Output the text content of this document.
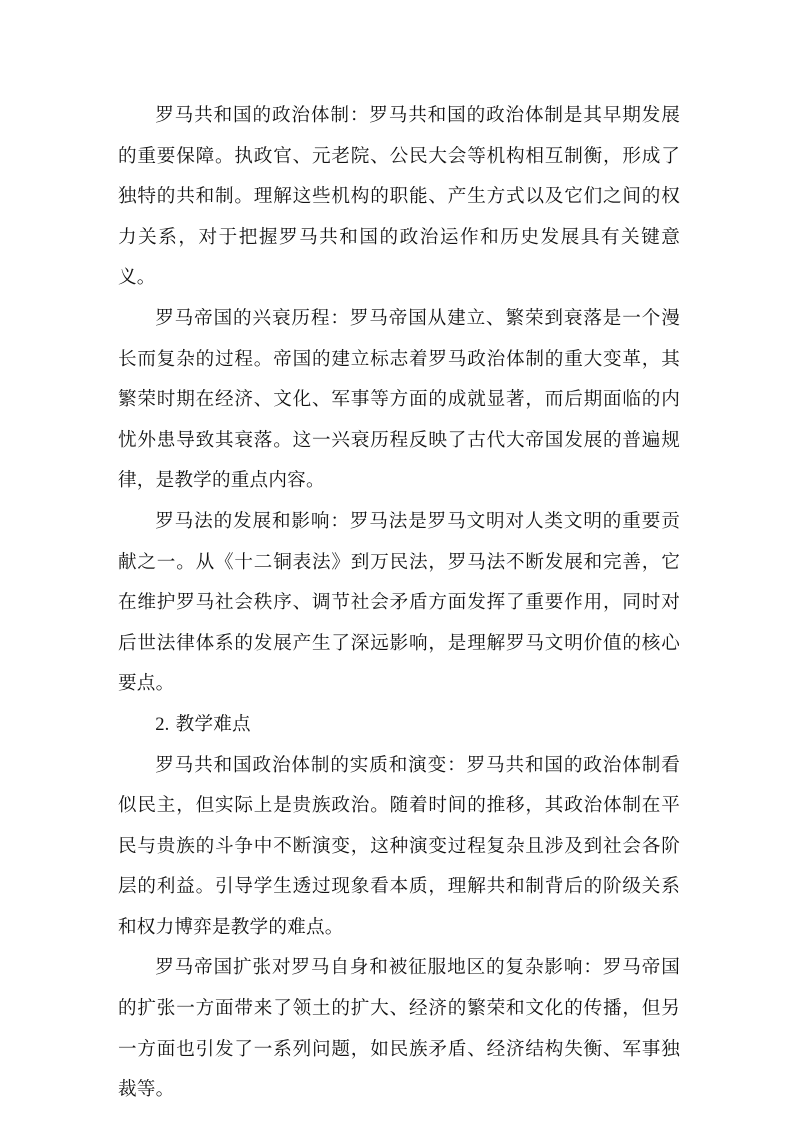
罗马共和国的政治体制：罗马共和国的政治体制是其早期发展的重要保障。执政官、元老院、公民大会等机构相互制衡，形成了独特的共和制。理解这些机构的职能、产生方式以及它们之间的权力关系，对于把握罗马共和国的政治运作和历史发展具有关键意义。

罗马帝国的兴衰历程：罗马帝国从建立、繁荣到衰落是一个漫长而复杂的过程。帝国的建立标志着罗马政治体制的重大变革，其繁荣时期在经济、文化、军事等方面的成就显著，而后期面临的内忧外患导致其衰落。这一兴衰历程反映了古代大帝国发展的普遍规律，是教学的重点内容。

罗马法的发展和影响：罗马法是罗马文明对人类文明的重要贡献之一。从《十二铜表法》到万民法，罗马法不断发展和完善，它在维护罗马社会秩序、调节社会矛盾方面发挥了重要作用，同时对后世法律体系的发展产生了深远影响，是理解罗马文明价值的核心要点。

2. 教学难点

罗马共和国政治体制的实质和演变：罗马共和国的政治体制看似民主，但实际上是贵族政治。随着时间的推移，其政治体制在平民与贵族的斗争中不断演变，这种演变过程复杂且涉及到社会各阶层的利益。引导学生透过现象看本质，理解共和制背后的阶级关系和权力博弈是教学的难点。

罗马帝国扩张对罗马自身和被征服地区的复杂影响：罗马帝国的扩张一方面带来了领土的扩大、经济的繁荣和文化的传播，但另一方面也引发了一系列问题，如民族矛盾、经济结构失衡、军事独裁等。
